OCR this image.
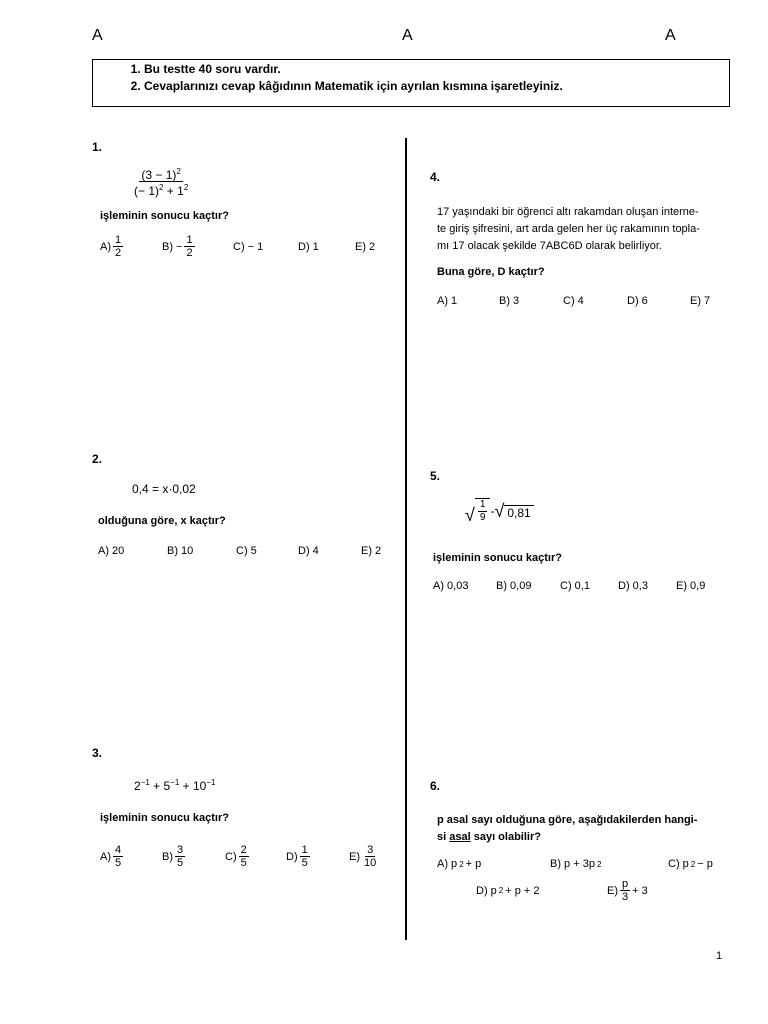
A	A	A
1. Bu testte 40 soru vardır.
2. Cevaplarınızı cevap kâğıdının Matematik için ayrılan kısmına işaretleyiniz.
1.
$\frac{(3 - 1)^2}{(- 1)^2 + 1^2}$
işleminin sonucu kaçtır?
$A) \frac{1}{2}$	$B) - \frac{1}{2}$	C) − 1	D) 1	E) 2
2.
0,4 = x·0,02
olduğuna göre, x kaçtır?
A) 20	B) 10	C) 5	D) 4	E) 2
3.
$2^{-1} + 5^{-1} + 10^{-1}$
işleminin sonucu kaçtır?
$A) \frac{4}{5}$	$B) \frac{3}{5}$	$C) \frac{2}{5}$	$D) \frac{1}{5}$	$E) \frac{3}{10}$
4.
17 yaşındaki bir öğrenci altı rakamdan oluşan interne-
te giriş şifresini, art arda gelen her üç rakamının topla-
mı 17 olacak şekilde 7ABC6D olarak belirliyor.
Buna göre, D kaçtır?
A) 1	B) 3	C) 4	D) 6	E) 7
5.
√ $\frac{1}{9}$ - √ 0,81
işleminin sonucu kaçtır?
A) 0,03	B) 0,09	C) 0,1	D) 0,3	E) 0,9
6.
p asal sayı olduğuna göre, aşağıdakilerden hangi-
si asal sayı olabilir?
A) p 2 + p	B) p + 3p 2	C) p 2 − p
D) p 2 + p + 2	$E) \frac{p}{3} + 3$
1
